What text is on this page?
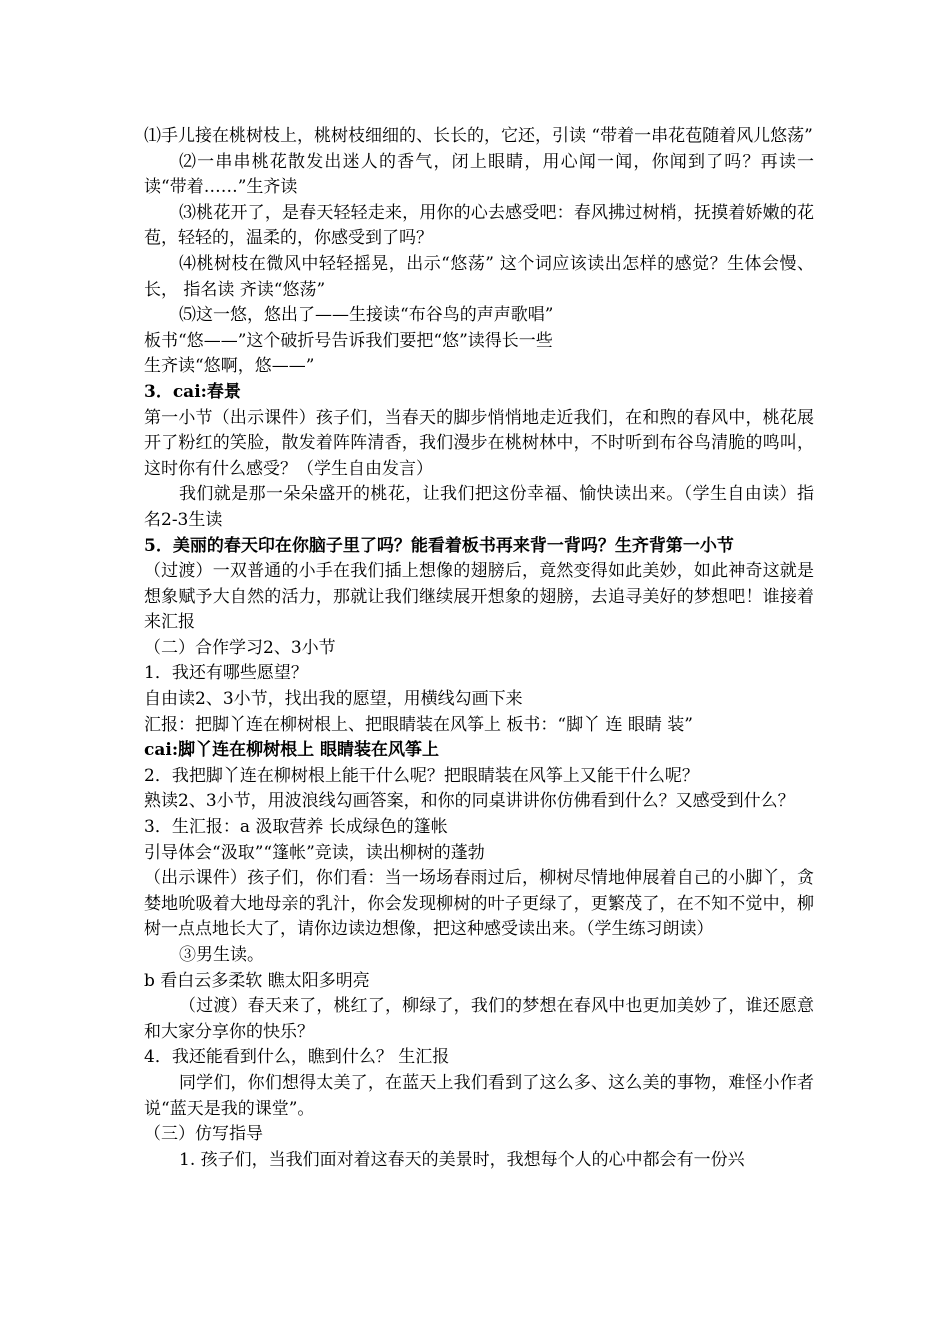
⑴手儿接在桃树枝上，桃树枝细细的、长长的，它还，引读 “带着一串花苞随着风儿悠荡”
⑵一串串桃花散发出迷人的香气，闭上眼睛，用心闻一闻，你闻到了吗？再读一读“带着……”生齐读
⑶桃花开了，是春天轻轻走来，用你的心去感受吧：春风拂过树梢，抚摸着娇嫩的花苞，轻轻的，温柔的，你感受到了吗？
⑷桃树枝在微风中轻轻摇晃，出示“悠荡” 这个词应该读出怎样的感觉？生体会慢、长， 指名读 齐读“悠荡”
⑸这一悠，悠出了——生接读“布谷鸟的声声歌唱”
板书“悠——”这个破折号告诉我们要把“悠”读得长一些
生齐读“悠啊，悠——”
3．cai:春景
第一小节（出示课件）孩子们，当春天的脚步悄悄地走近我们，在和煦的春风中，桃花展开了粉红的笑脸，散发着阵阵清香，我们漫步在桃树林中，不时听到布谷鸟清脆的鸣叫，这时你有什么感受？（学生自由发言）
我们就是那一朵朵盛开的桃花，让我们把这份幸福、愉快读出来。（学生自由读）指名2-3生读
5．美丽的春天印在你脑子里了吗？能看着板书再来背一背吗？生齐背第一小节
（过渡）一双普通的小手在我们插上想像的翅膀后，竟然变得如此美妙，如此神奇这就是想象赋予大自然的活力，那就让我们继续展开想象的翅膀，去追寻美好的梦想吧！谁接着来汇报
（二）合作学习2、3小节
1．我还有哪些愿望？
自由读2、3小节，找出我的愿望，用横线勾画下来
汇报：把脚丫连在柳树根上、把眼睛装在风筝上 板书：“脚丫 连 眼睛 装”
cai:脚丫连在柳树根上 眼睛装在风筝上
2．我把脚丫连在柳树根上能干什么呢？把眼睛装在风筝上又能干什么呢？
熟读2、3小节，用波浪线勾画答案，和你的同桌讲讲你仿佛看到什么？又感受到什么？
3．生汇报：a 汲取营养 长成绿色的篷帐
引导体会“汲取”“篷帐”竞读，读出柳树的蓬勃
（出示课件）孩子们，你们看：当一场场春雨过后，柳树尽情地伸展着自己的小脚丫，贪婪地吮吸着大地母亲的乳汁，你会发现柳树的叶子更绿了，更繁茂了，在不知不觉中，柳树一点点地长大了，请你边读边想像，把这种感受读出来。（学生练习朗读）
③男生读。
b 看白云多柔软 瞧太阳多明亮
（过渡）春天来了，桃红了，柳绿了，我们的梦想在春风中也更加美妙了，谁还愿意和大家分享你的快乐？
4．我还能看到什么，瞧到什么？ 生汇报
同学们，你们想得太美了，在蓝天上我们看到了这么多、这么美的事物，难怪小作者说“蓝天是我的课堂”。
（三）仿写指导
1. 孩子们，当我们面对着这春天的美景时，我想每个人的心中都会有一份兴
